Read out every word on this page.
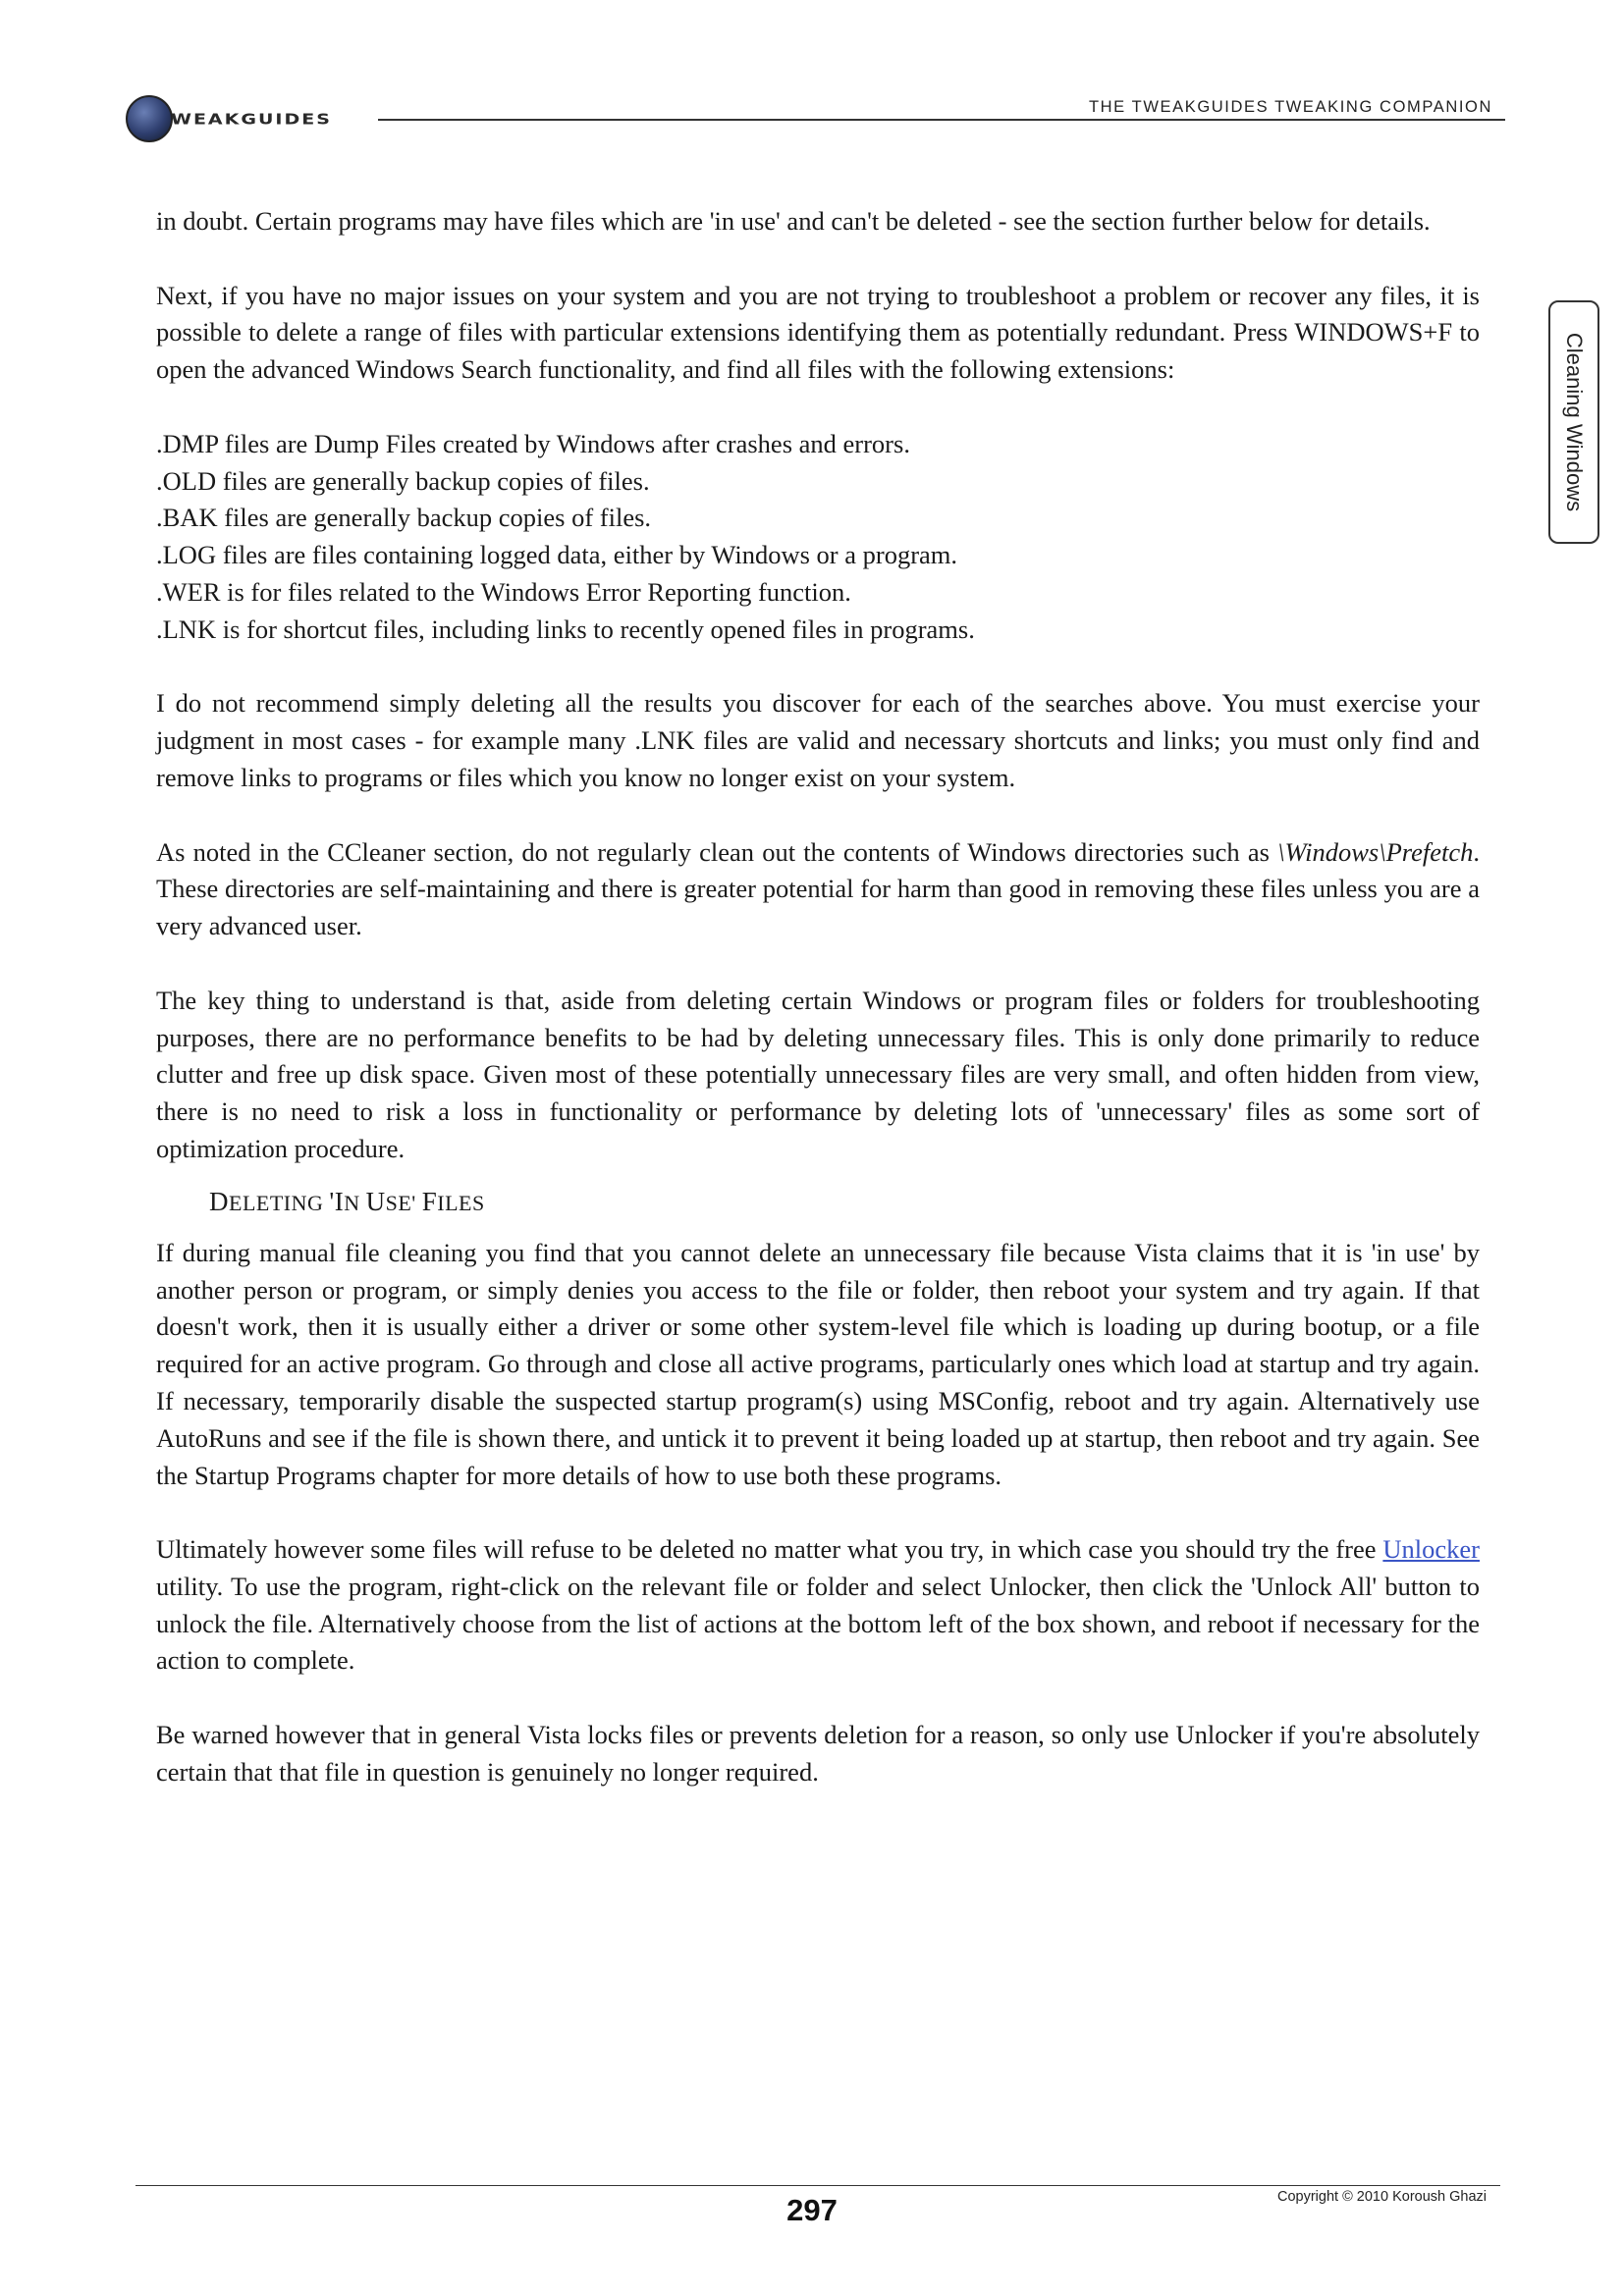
WEAKGUIDES
THE TWEAKGUIDES TWEAKING COMPANION
Cleaning Windows

in doubt. Certain programs may have files which are 'in use' and can't be deleted - see the section further below for details.

Next, if you have no major issues on your system and you are not trying to troubleshoot a problem or recover any files, it is possible to delete a range of files with particular extensions identifying them as potentially redundant. Press WINDOWS+F to open the advanced Windows Search functionality, and find all files with the following extensions:

.DMP files are Dump Files created by Windows after crashes and errors.

.OLD files are generally backup copies of files.

.BAK files are generally backup copies of files.

.LOG files are files containing logged data, either by Windows or a program.

.WER is for files related to the Windows Error Reporting function.

.LNK is for shortcut files, including links to recently opened files in programs.

I do not recommend simply deleting all the results you discover for each of the searches above. You must exercise your judgment in most cases - for example many .LNK files are valid and necessary shortcuts and links; you must only find and remove links to programs or files which you know no longer exist on your system.

As noted in the CCleaner section, do not regularly clean out the contents of Windows directories such as \Windows\Prefetch. These directories are self-maintaining and there is greater potential for harm than good in removing these files unless you are a very advanced user.

The key thing to understand is that, aside from deleting certain Windows or program files or folders for troubleshooting purposes, there are no performance benefits to be had by deleting unnecessary files. This is only done primarily to reduce clutter and free up disk space. Given most of these potentially unnecessary files are very small, and often hidden from view, there is no need to risk a loss in functionality or performance by deleting lots of 'unnecessary' files as some sort of optimization procedure.

DELETING 'IN USE' FILES

If during manual file cleaning you find that you cannot delete an unnecessary file because Vista claims that it is 'in use' by another person or program, or simply denies you access to the file or folder, then reboot your system and try again. If that doesn't work, then it is usually either a driver or some other system-level file which is loading up during bootup, or a file required for an active program. Go through and close all active programs, particularly ones which load at startup and try again. If necessary, temporarily disable the suspected startup program(s) using MSConfig, reboot and try again. Alternatively use AutoRuns and see if the file is shown there, and untick it to prevent it being loaded up at startup, then reboot and try again. See the Startup Programs chapter for more details of how to use both these programs.

Ultimately however some files will refuse to be deleted no matter what you try, in which case you should try the free Unlocker utility. To use the program, right-click on the relevant file or folder and select Unlocker, then click the 'Unlock All' button to unlock the file. Alternatively choose from the list of actions at the bottom left of the box shown, and reboot if necessary for the action to complete.

Be warned however that in general Vista locks files or prevents deletion for a reason, so only use Unlocker if you're absolutely certain that that file in question is genuinely no longer required.

297	Copyright © 2010 Koroush Ghazi
